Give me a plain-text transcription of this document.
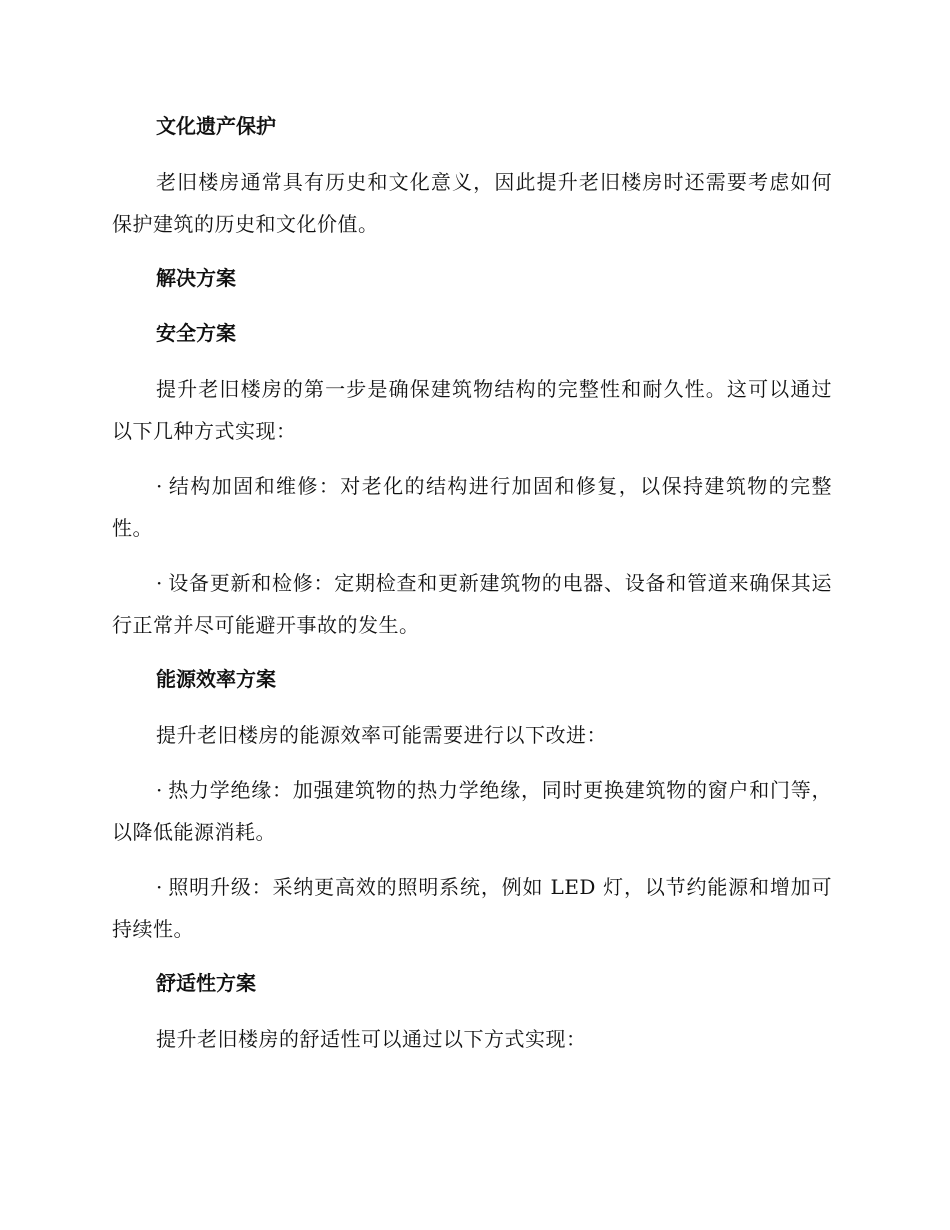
文化遗产保护
老旧楼房通常具有历史和文化意义，因此提升老旧楼房时还需要考虑如何保护建筑的历史和文化价值。
解决方案
安全方案
提升老旧楼房的第一步是确保建筑物结构的完整性和耐久性。这可以通过以下几种方式实现：
· 结构加固和维修：对老化的结构进行加固和修复，以保持建筑物的完整性。
· 设备更新和检修：定期检查和更新建筑物的电器、设备和管道来确保其运行正常并尽可能避开事故的发生。
能源效率方案
提升老旧楼房的能源效率可能需要进行以下改进：
· 热力学绝缘：加强建筑物的热力学绝缘，同时更换建筑物的窗户和门等，以降低能源消耗。
· 照明升级：采纳更高效的照明系统，例如 LED 灯，以节约能源和增加可持续性。
舒适性方案
提升老旧楼房的舒适性可以通过以下方式实现：
